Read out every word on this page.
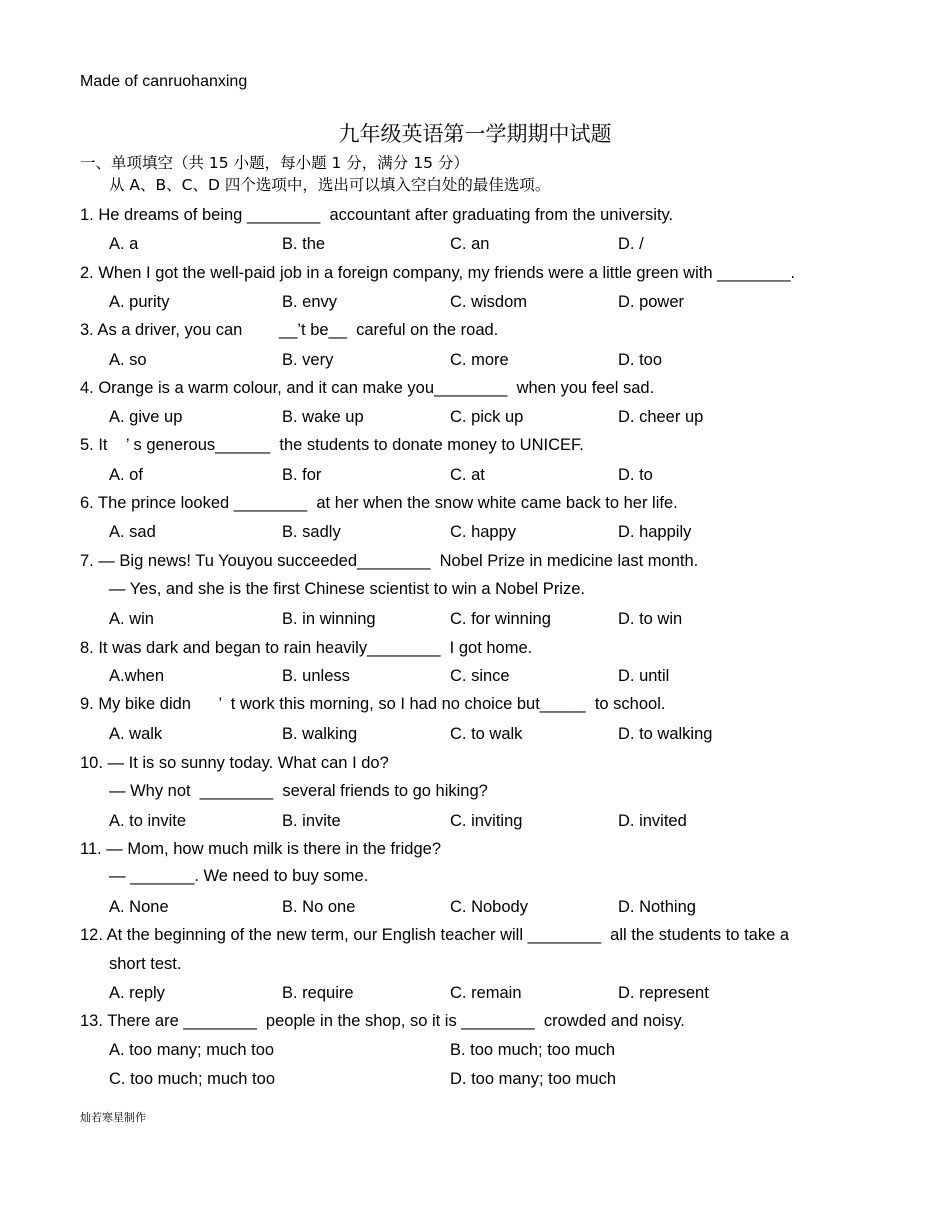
Made of canruohanxing
九年级英语第一学期期中试题
一、单项填空（共 15 小题，每小题 1 分，满分 15 分）
从 A、B、C、D 四个选项中，选出可以填入空白处的最佳选项。
1. He dreams of being ________  accountant after graduating from the university.
A. a	B. the	C. an	D. /
2. When I got the well-paid job in a foreign company, my friends were a little green with ________.
A. purity	B. envy	C. wisdom	D. power
3. As a driver, you can        __’t be__  careful on the road.
A. so	B. very	C. more	D. too
4. Orange is a warm colour, and it can make you________  when you feel sad.
A. give up	B. wake up	C. pick up	D. cheer up
5. It    ’ s generous______  the students to donate money to UNICEF.
A. of	B. for	C. at	D. to
6. The prince looked ________  at her when the snow white came back to her life.
A. sad	B. sadly	C. happy	D. happily
7. — Big news! Tu Youyou succeeded________  Nobel Prize in medicine last month.
— Yes, and she is the first Chinese scientist to win a Nobel Prize.
A. win	B. in winning	C. for winning	D. to win
8. It was dark and began to rain heavily________  I got home.
A.when	B. unless	C. since	D. until
9. My bike didn      ’  t work this morning, so I had no choice but_____  to school.
A. walk	B. walking	C. to walk	D. to walking
10. — It is so sunny today. What can I do?
— Why not  ________  several friends to go hiking?
A. to invite	B. invite	C. inviting	D. invited
11. — Mom, how much milk is there in the fridge?
— _______. We need to buy some.
A. None	B. No one	C. Nobody	D. Nothing
12. At the beginning of the new term, our English teacher will ________  all the students to take a
short test.
A. reply	B. require	C. remain	D. represent
13. There are ________  people in the shop, so it is ________  crowded and noisy.
A. too many; much too	B. too much; too much
C. too much; much too	D. too many; too much
灿若寒星制作
